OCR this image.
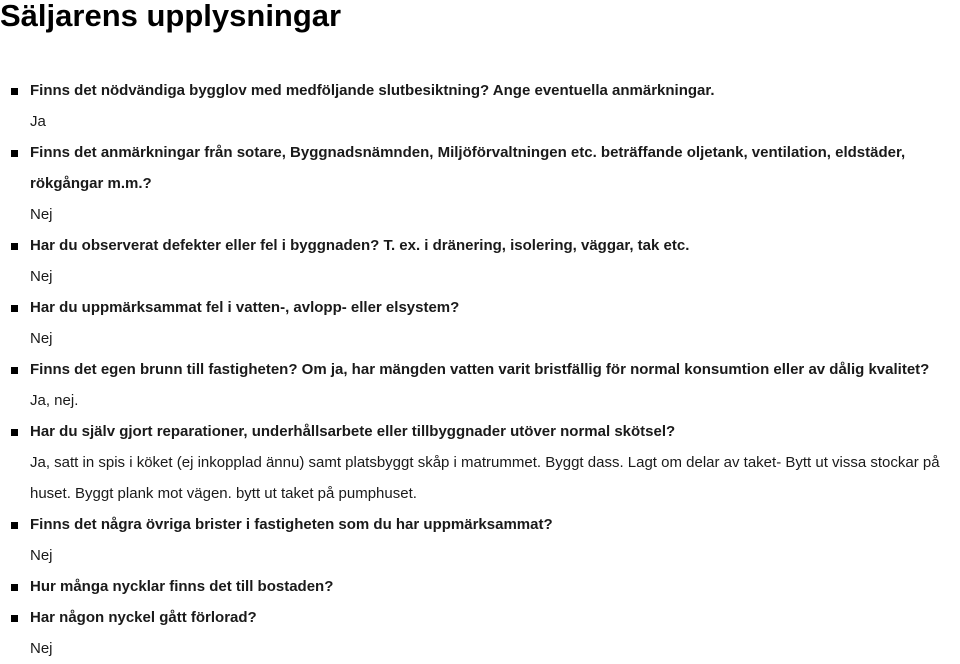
Säljarens upplysningar
Finns det nödvändiga bygglov med medföljande slutbesiktning? Ange eventuella anmärkningar.
Ja
Finns det anmärkningar från sotare, Byggnadsnämnden, Miljöförvaltningen etc. beträffande oljetank, ventilation, eldstäder,
rökgångar m.m.?
Nej
Har du observerat defekter eller fel i byggnaden? T. ex. i dränering, isolering, väggar, tak etc.
Nej
Har du uppmärksammat fel i vatten-, avlopp- eller elsystem?
Nej
Finns det egen brunn till fastigheten? Om ja, har mängden vatten varit bristfällig för normal konsumtion eller av dålig kvalitet?
Ja, nej.
Har du själv gjort reparationer, underhållsarbete eller tillbyggnader utöver normal skötsel?
Ja, satt in spis i köket (ej inkopplad ännu) samt platsbyggt skåp i matrummet. Byggt dass. Lagt om delar av taket- Bytt ut vissa stockar på
huset. Byggt plank mot vägen. bytt ut taket på pumphuset.
Finns det några övriga brister i fastigheten som du har uppmärksammat?
Nej
Hur många nycklar finns det till bostaden?
Har någon nyckel gått förlorad?
Nej
